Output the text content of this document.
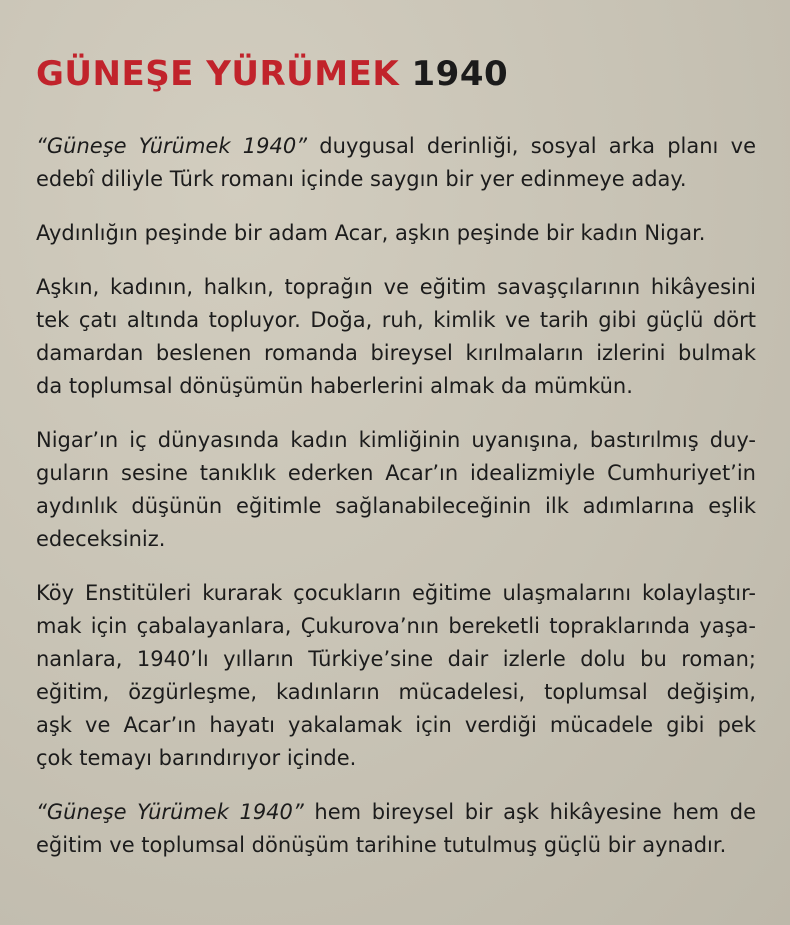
GÜNEŞE YÜRÜMEK 1940

“Güneşe Yürümek 1940” duygusal derinliği, sosyal arka planı ve
edebî diliyle Türk romanı içinde saygın bir yer edinmeye aday.

Aydınlığın peşinde bir adam Acar, aşkın peşinde bir kadın Nigar.

Aşkın, kadının, halkın, toprağın ve eğitim savaşçılarının hikâyesini
tek çatı altında topluyor. Doğa, ruh, kimlik ve tarih gibi güçlü dört
damardan beslenen romanda bireysel kırılmaların izlerini bulmak
da toplumsal dönüşümün haberlerini almak da mümkün.

Nigar’ın iç dünyasında kadın kimliğinin uyanışına, bastırılmış duy-
guların sesine tanıklık ederken Acar’ın idealizmiyle Cumhuriyet’in
aydınlık düşünün eğitimle sağlanabileceğinin ilk adımlarına eşlik
edeceksiniz.

Köy Enstitüleri kurarak çocukların eğitime ulaşmalarını kolaylaştır-
mak için çabalayanlara, Çukurova’nın bereketli topraklarında yaşa-
nanlara, 1940’lı yılların Türkiye’sine dair izlerle dolu bu roman;
eğitim, özgürleşme, kadınların mücadelesi, toplumsal değişim,
aşk ve Acar’ın hayatı yakalamak için verdiği mücadele gibi pek
çok temayı barındırıyor içinde.

“Güneşe Yürümek 1940” hem bireysel bir aşk hikâyesine hem de
eğitim ve toplumsal dönüşüm tarihine tutulmuş güçlü bir aynadır.
